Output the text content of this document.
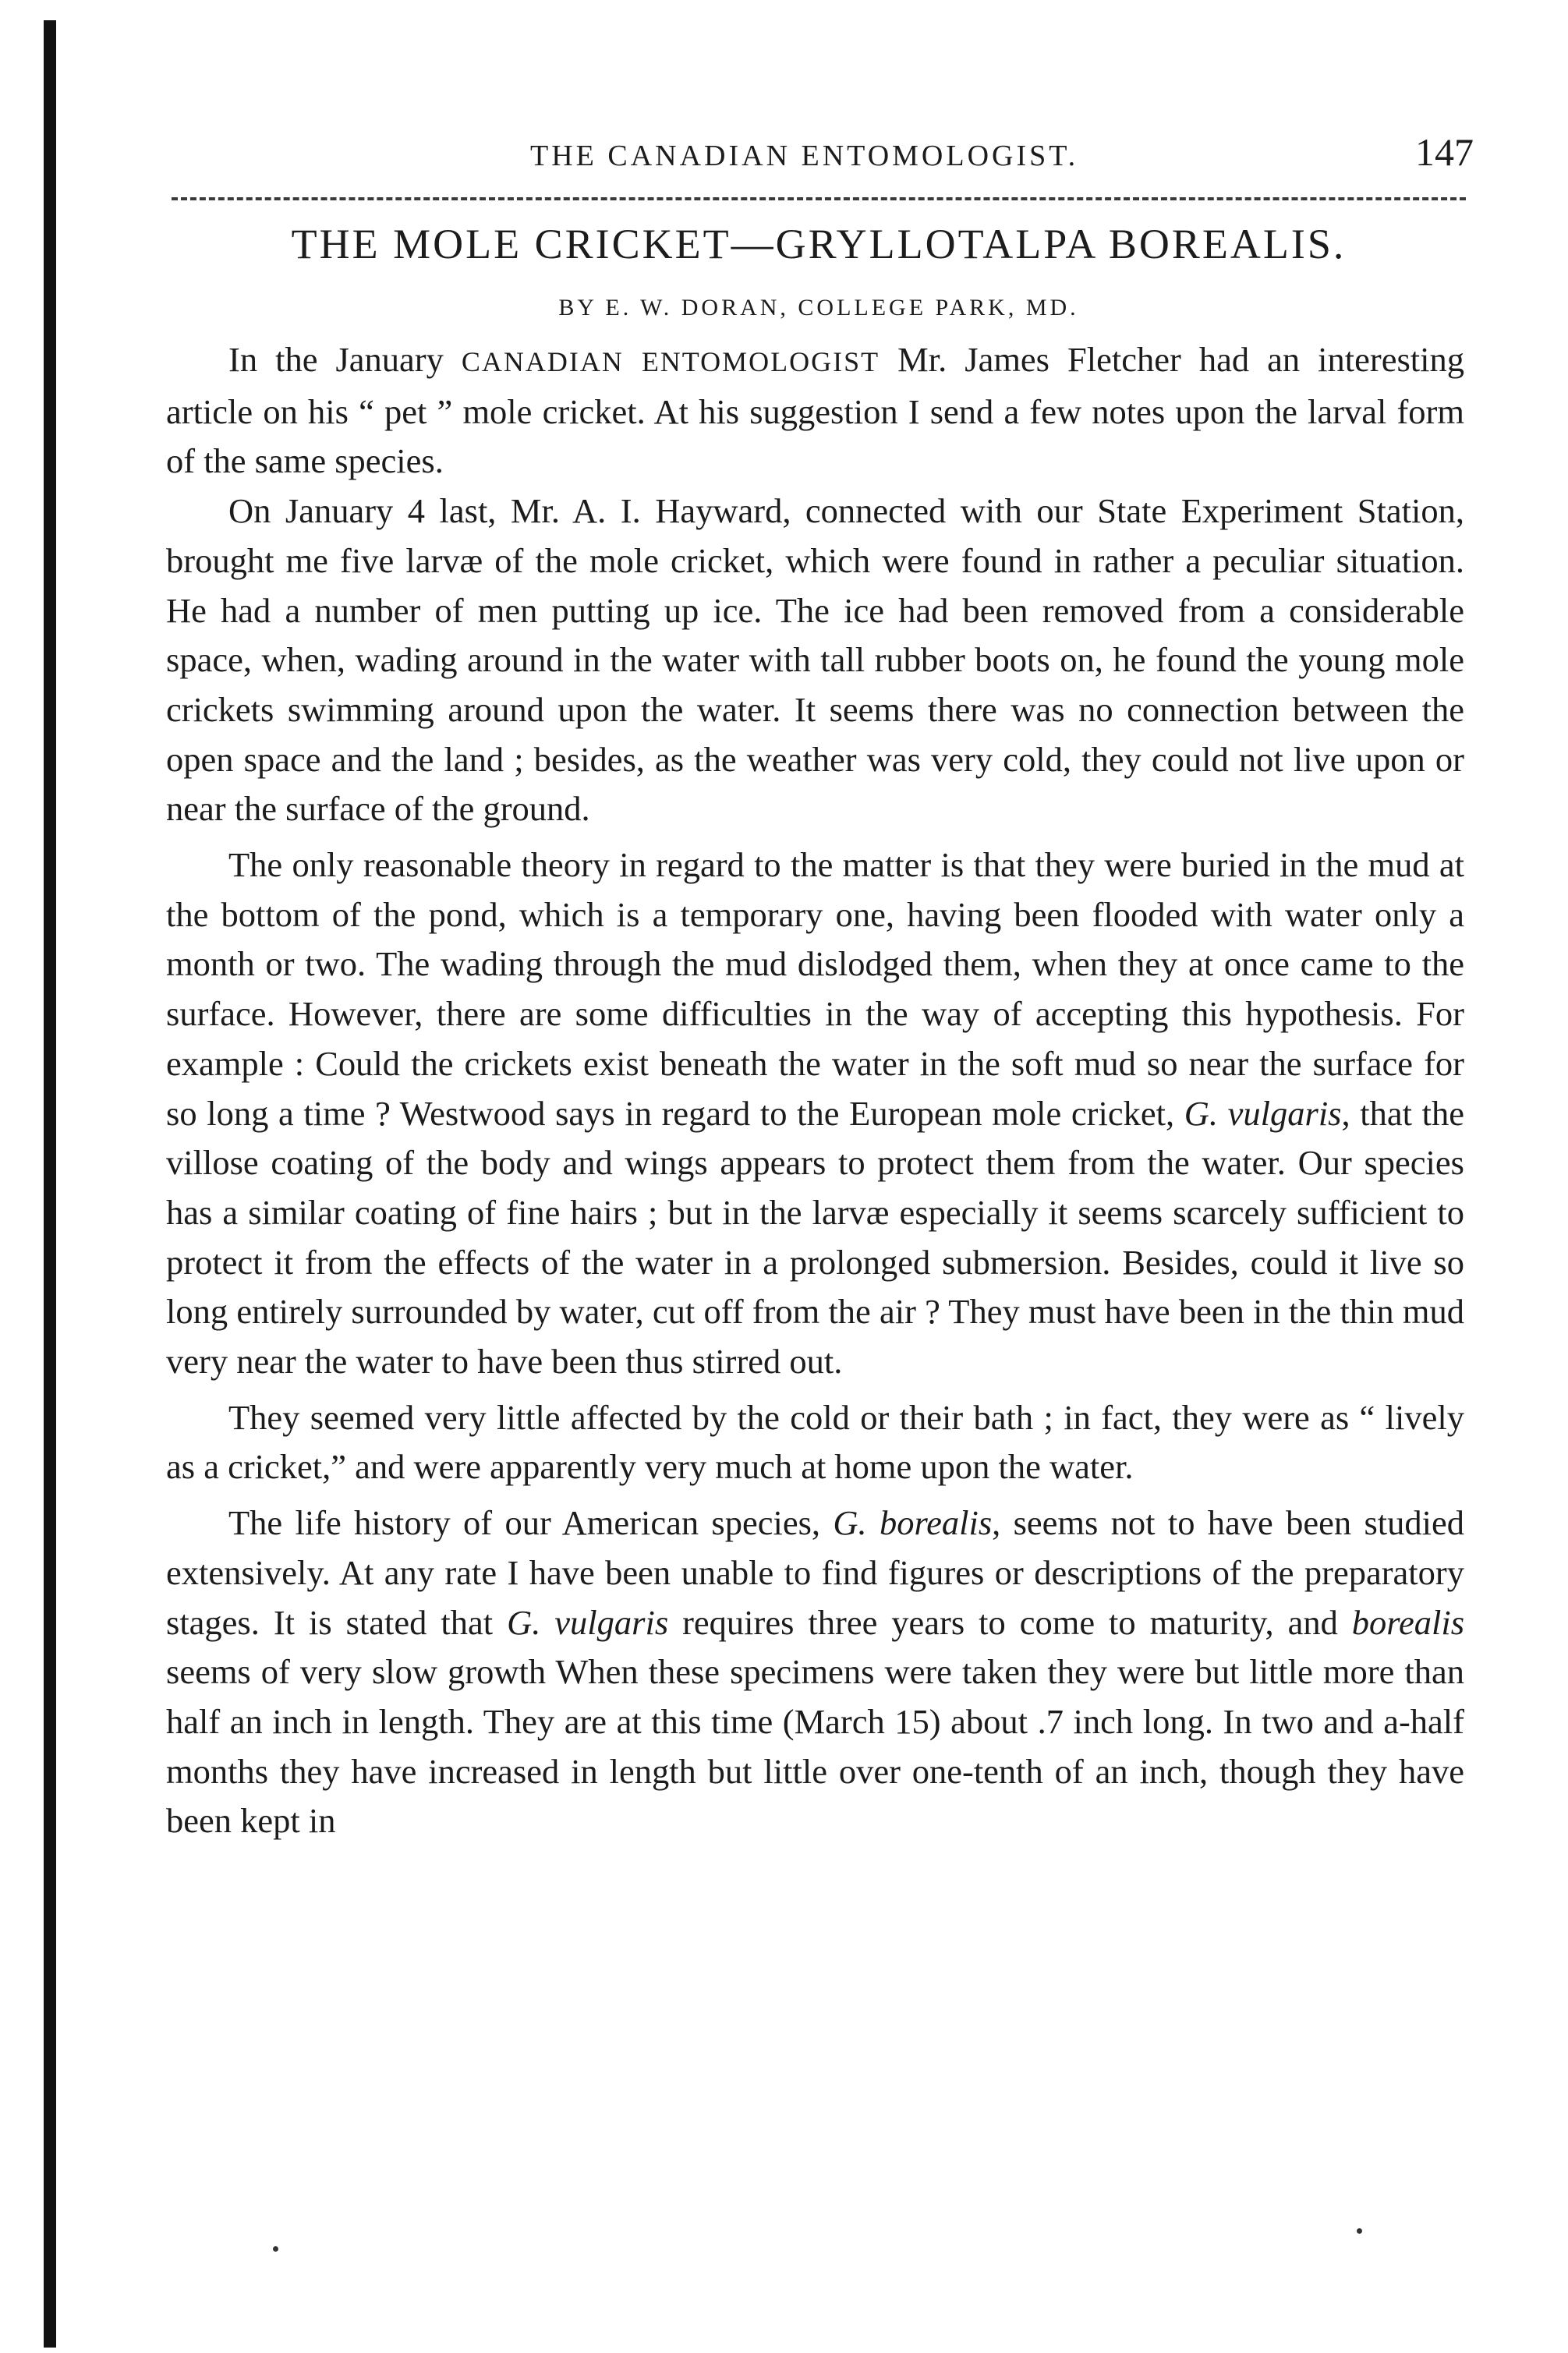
THE CANADIAN ENTOMOLOGIST.	147
THE MOLE CRICKET—GRYLLOTALPA BOREALIS.
BY E. W. DORAN, COLLEGE PARK, MD.

In the January CANADIAN ENTOMOLOGIST Mr. James Fletcher had an interesting article on his “ pet ” mole cricket. At his suggestion I send a few notes upon the larval form of the same species.

On January 4 last, Mr. A. I. Hayward, connected with our State Experiment Station, brought me five larvæ of the mole cricket, which were found in rather a peculiar situation. He had a number of men putting up ice. The ice had been removed from a considerable space, when, wading around in the water with tall rubber boots on, he found the young mole crickets swimming around upon the water. It seems there was no connection between the open space and the land ; besides, as the weather was very cold, they could not live upon or near the surface of the ground.

The only reasonable theory in regard to the matter is that they were buried in the mud at the bottom of the pond, which is a temporary one, having been flooded with water only a month or two. The wading through the mud dislodged them, when they at once came to the surface. However, there are some difficulties in the way of accepting this hypothesis. For example : Could the crickets exist beneath the water in the soft mud so near the surface for so long a time ? Westwood says in regard to the European mole cricket, G. vulgaris, that the villose coating of the body and wings appears to protect them from the water. Our species has a similar coating of fine hairs ; but in the larvæ especially it seems scarcely sufficient to protect it from the effects of the water in a prolonged submersion. Besides, could it live so long entirely surrounded by water, cut off from the air ? They must have been in the thin mud very near the water to have been thus stirred out.

They seemed very little affected by the cold or their bath ; in fact, they were as “ lively as a cricket,” and were apparently very much at home upon the water.

The life history of our American species, G. borealis, seems not to have been studied extensively. At any rate I have been unable to find figures or descriptions of the preparatory stages. It is stated that G. vulgaris requires three years to come to maturity, and borealis seems of very slow growth When these specimens were taken they were but little more than half an inch in length. They are at this time (March 15) about .7 inch long. In two and a-half months they have increased in length but little over one-tenth of an inch, though they have been kept in
